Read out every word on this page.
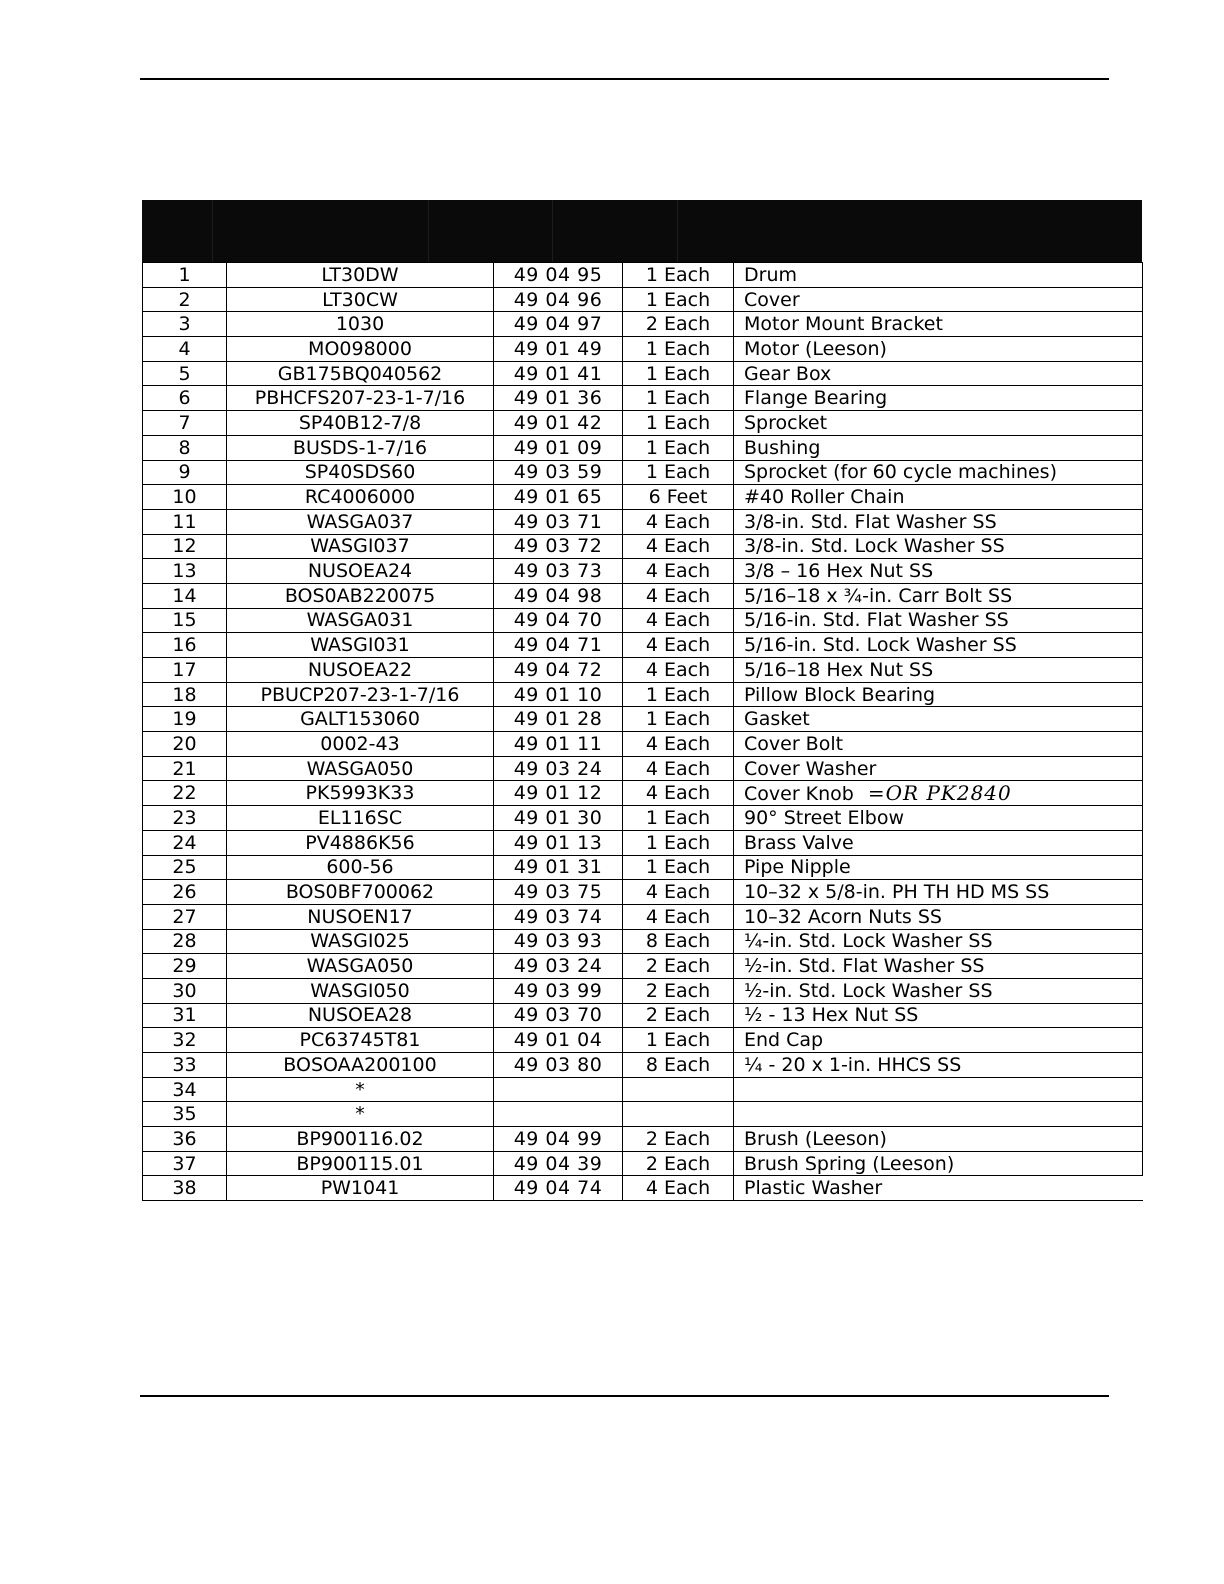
1	LT30DW	49 04 95	1 Each	Drum
2	LT30CW	49 04 96	1 Each	Cover
3	1030	49 04 97	2 Each	Motor Mount Bracket
4	MO098000	49 01 49	1 Each	Motor (Leeson)
5	GB175BQ040562	49 01 41	1 Each	Gear Box
6	PBHCFS207-23-1-7/16	49 01 36	1 Each	Flange Bearing
7	SP40B12-7/8	49 01 42	1 Each	Sprocket
8	BUSDS-1-7/16	49 01 09	1 Each	Bushing
9	SP40SDS60	49 03 59	1 Each	Sprocket (for 60 cycle machines)
10	RC4006000	49 01 65	6 Feet	#40 Roller Chain
11	WASGA037	49 03 71	4 Each	3/8-in. Std. Flat Washer SS
12	WASGI037	49 03 72	4 Each	3/8-in. Std. Lock Washer SS
13	NUSOEA24	49 03 73	4 Each	3/8 – 16 Hex Nut SS
14	BOS0AB220075	49 04 98	4 Each	5/16–18 x ¾-in. Carr Bolt SS
15	WASGA031	49 04 70	4 Each	5/16-in. Std. Flat Washer SS
16	WASGI031	49 04 71	4 Each	5/16-in. Std. Lock Washer SS
17	NUSOEA22	49 04 72	4 Each	5/16–18 Hex Nut SS
18	PBUCP207-23-1-7/16	49 01 10	1 Each	Pillow Block Bearing
19	GALT153060	49 01 28	1 Each	Gasket
20	0002-43	49 01 11	4 Each	Cover Bolt
21	WASGA050	49 03 24	4 Each	Cover Washer
22	PK5993K33	49 01 12	4 Each	Cover Knob =OR PK2840
23	EL116SC	49 01 30	1 Each	90° Street Elbow
24	PV4886K56	49 01 13	1 Each	Brass Valve
25	600-56	49 01 31	1 Each	Pipe Nipple
26	BOS0BF700062	49 03 75	4 Each	10–32 x 5/8-in. PH TH HD MS SS
27	NUSOEN17	49 03 74	4 Each	10–32 Acorn Nuts SS
28	WASGI025	49 03 93	8 Each	¼-in. Std. Lock Washer SS
29	WASGA050	49 03 24	2 Each	½-in. Std. Flat Washer SS
30	WASGI050	49 03 99	2 Each	½-in. Std. Lock Washer SS
31	NUSOEA28	49 03 70	2 Each	½ - 13 Hex Nut SS
32	PC63745T81	49 01 04	1 Each	End Cap
33	BOSOAA200100	49 03 80	8 Each	¼ - 20 x 1-in. HHCS SS
34	*			
35	*			
36	BP900116.02	49 04 99	2 Each	Brush (Leeson)
37	BP900115.01	49 04 39	2 Each	Brush Spring (Leeson)
38	PW1041	49 04 74	4 Each	Plastic Washer
